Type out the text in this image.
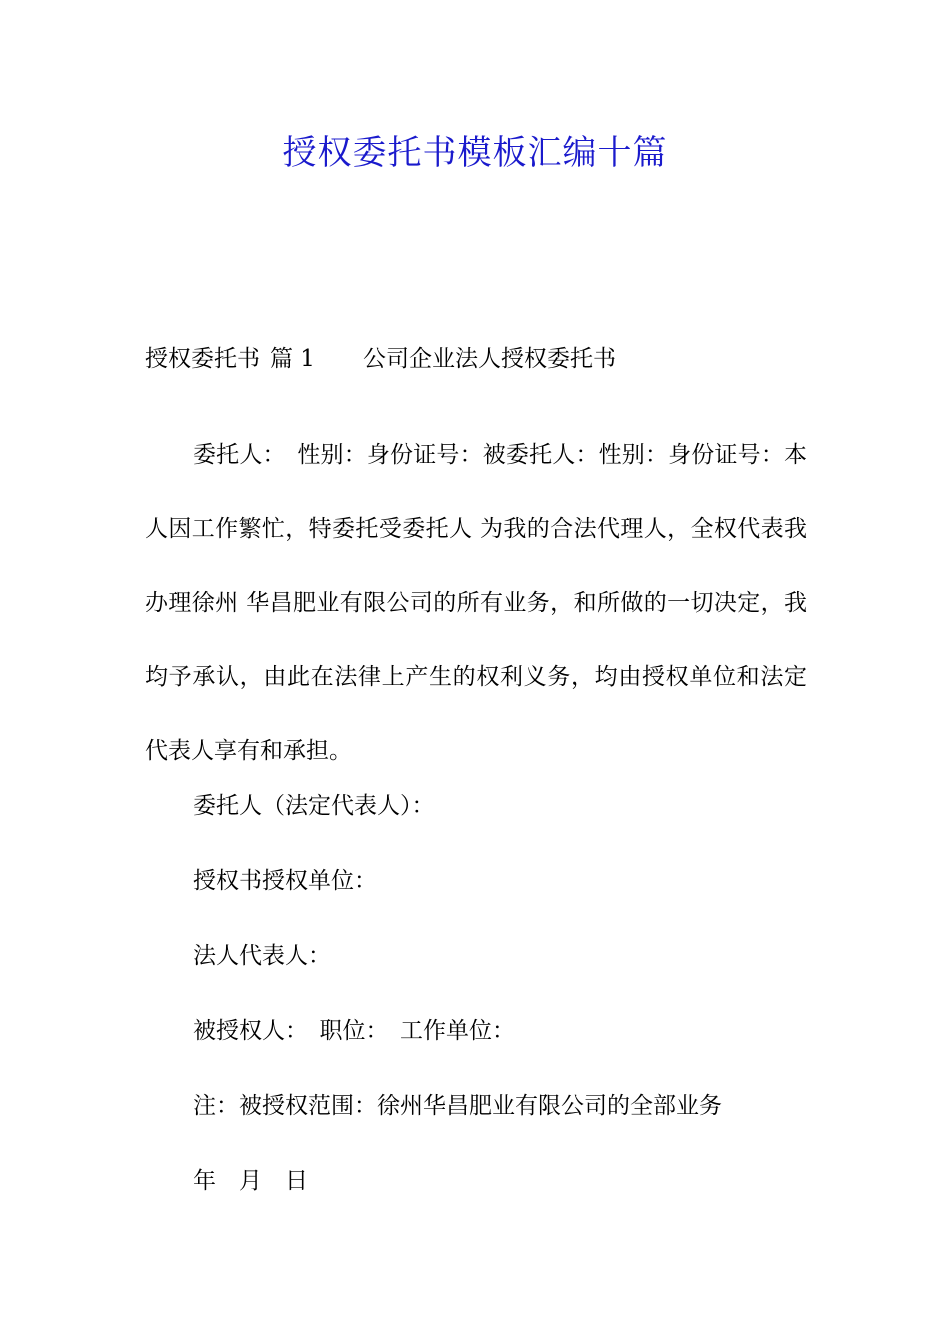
授权委托书模板汇编十篇

授权委托书 篇 1 公司企业法人授权委托书

委托人：　性别：身份证号：被委托人：性别：身份证号：本人因工作繁忙，特委托受委托人 为我的合法代理人，全权代表我办理徐州 华昌肥业有限公司的所有业务，和所做的一切决定，我均予承认，由此在法律上产生的权利义务，均由授权单位和法定代表人享有和承担。

委托人（法定代表人）：

授权书授权单位：

法人代表人：

被授权人：　职位：　工作单位：

注：被授权范围：徐州华昌肥业有限公司的全部业务

年　月　日
